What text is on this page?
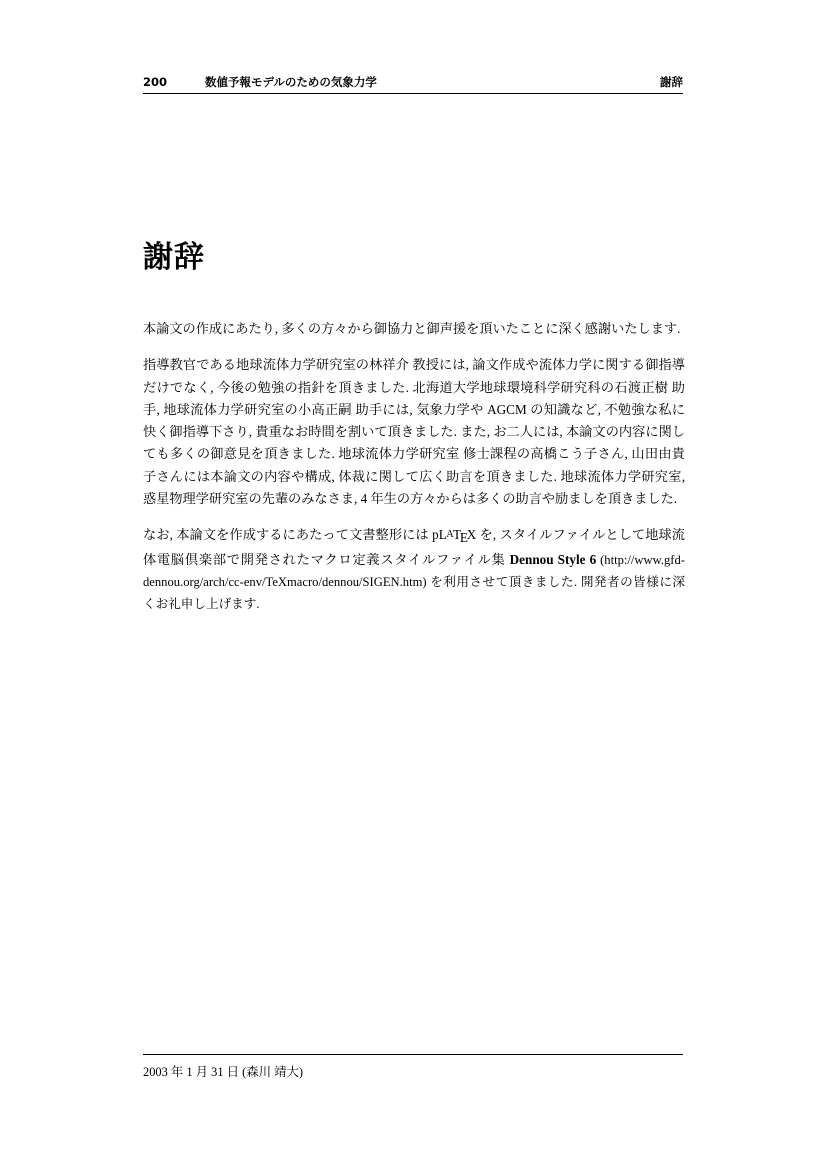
200	数値予報モデルのための気象力学	謝辞
謝辞

本論文の作成にあたり, 多くの方々から御協力と御声援を頂いたことに深く感謝いたします.

指導教官である地球流体力学研究室の林祥介 教授には, 論文作成や流体力学に関する御指導だけでなく, 今後の勉強の指針を頂きました. 北海道大学地球環境科学研究科の石渡正樹 助手, 地球流体力学研究室の小高正嗣 助手には, 気象力学や AGCM の知識など, 不勉強な私に快く御指導下さり, 貴重なお時間を割いて頂きました. また, お二人には, 本論文の内容に関しても多くの御意見を頂きました. 地球流体力学研究室 修士課程の高橋こう子さん, 山田由貴子さんには本論文の内容や構成, 体裁に関して広く助言を頂きました. 地球流体力学研究室, 惑星物理学研究室の先輩のみなさま, 4 年生の方々からは多くの助言や励ましを頂きました.

なお, 本論文を作成するにあたって文書整形には $pL^ATEX$ を, スタイルファイルとして地球流体電脳倶楽部で開発されたマクロ定義スタイルファイル集 Dennou Style 6 (http://www.gfd-dennou.org/arch/cc-env/TeXmacro/dennou/SIGEN.htm) を利用させて頂きました. 開発者の皆様に深くお礼申し上げます.

2003 年 1 月 31 日 (森川 靖大)
